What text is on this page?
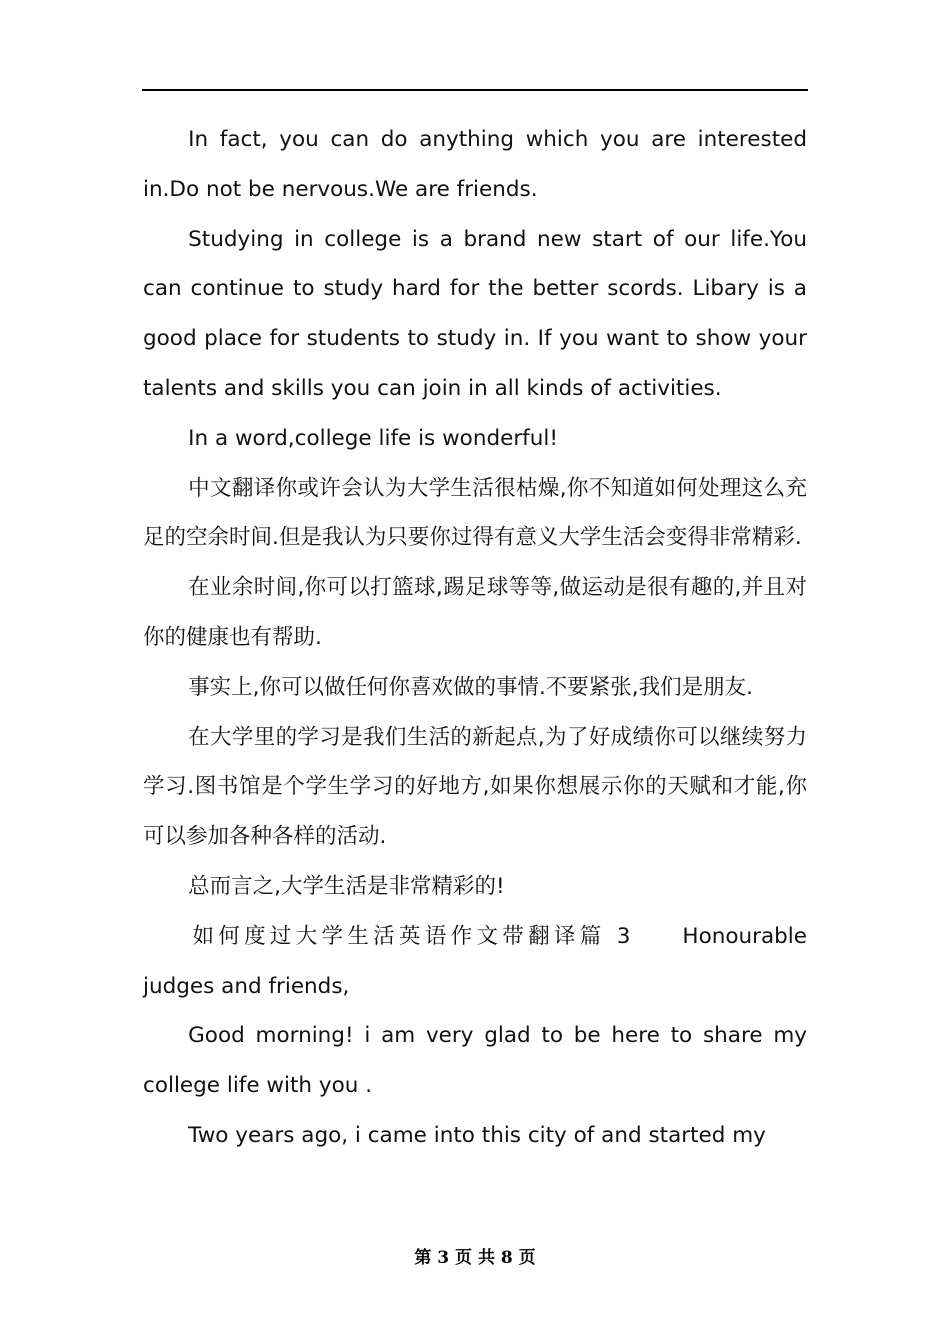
In fact, you can do anything which you are interested in.Do not be nervous.We are friends.

Studying in college is a brand new start of our life.You can continue to study hard for the better scords. Libary is a good place for students to study in. If you want to show your talents and skills you can join in all kinds of activities.

In a word,college life is wonderful!

中文翻译你或许会认为大学生活很枯燥,你不知道如何处理这么充足的空余时间.但是我认为只要你过得有意义大学生活会变得非常精彩.

在业余时间,你可以打篮球,踢足球等等,做运动是很有趣的,并且对你的健康也有帮助.

事实上,你可以做任何你喜欢做的事情.不要紧张,我们是朋友.

在大学里的学习是我们生活的新起点,为了好成绩你可以继续努力学习.图书馆是个学生学习的好地方,如果你想展示你的天赋和才能,你可以参加各种各样的活动.

总而言之,大学生活是非常精彩的!

如何度过大学生活英语作文带翻译篇 3 Honourable judges and friends,

Good morning! i am very glad to be here to share my college life with you .

Two years ago, i came into this city of and started my

第 3 页 共 8 页
